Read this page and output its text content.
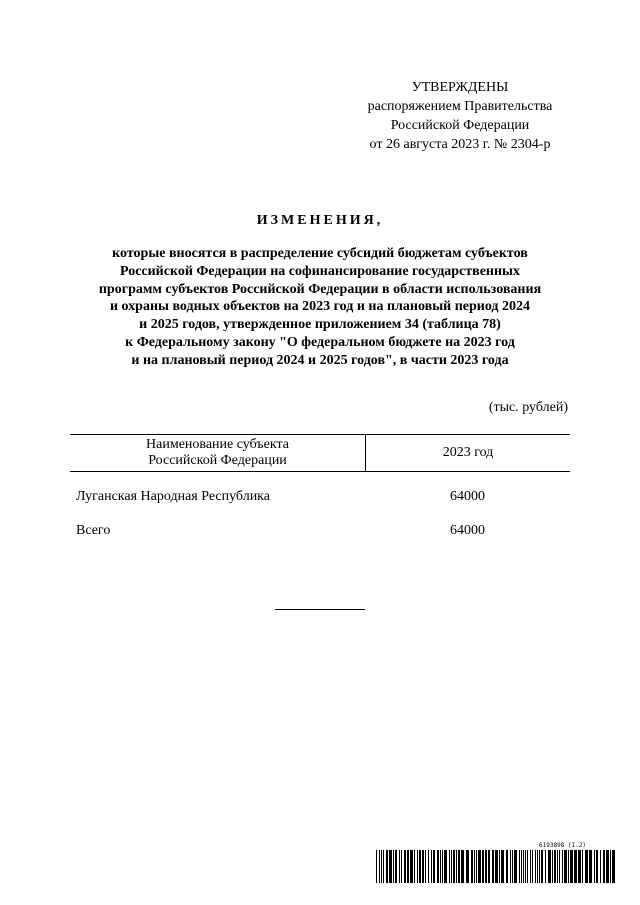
УТВЕРЖДЕНЫ
распоряжением Правительства
Российской Федерации
от 26 августа 2023 г. № 2304-р
ИЗМЕНЕНИЯ,
которые вносятся в распределение субсидий бюджетам субъектов
Российской Федерации на софинансирование государственных
программ субъектов Российской Федерации в области использования
и охраны водных объектов на 2023 год и на плановый период 2024
и 2025 годов, утвержденное приложением 34 (таблица 78)
к Федеральному закону "О федеральном бюджете на 2023 год
и на плановый период 2024 и 2025 годов", в части 2023 года
(тыс. рублей)
Наименование субъекта
Российской Федерации
2023 год
Луганская Народная Республика	64000
Всего	64000
6193898 (1.2)
